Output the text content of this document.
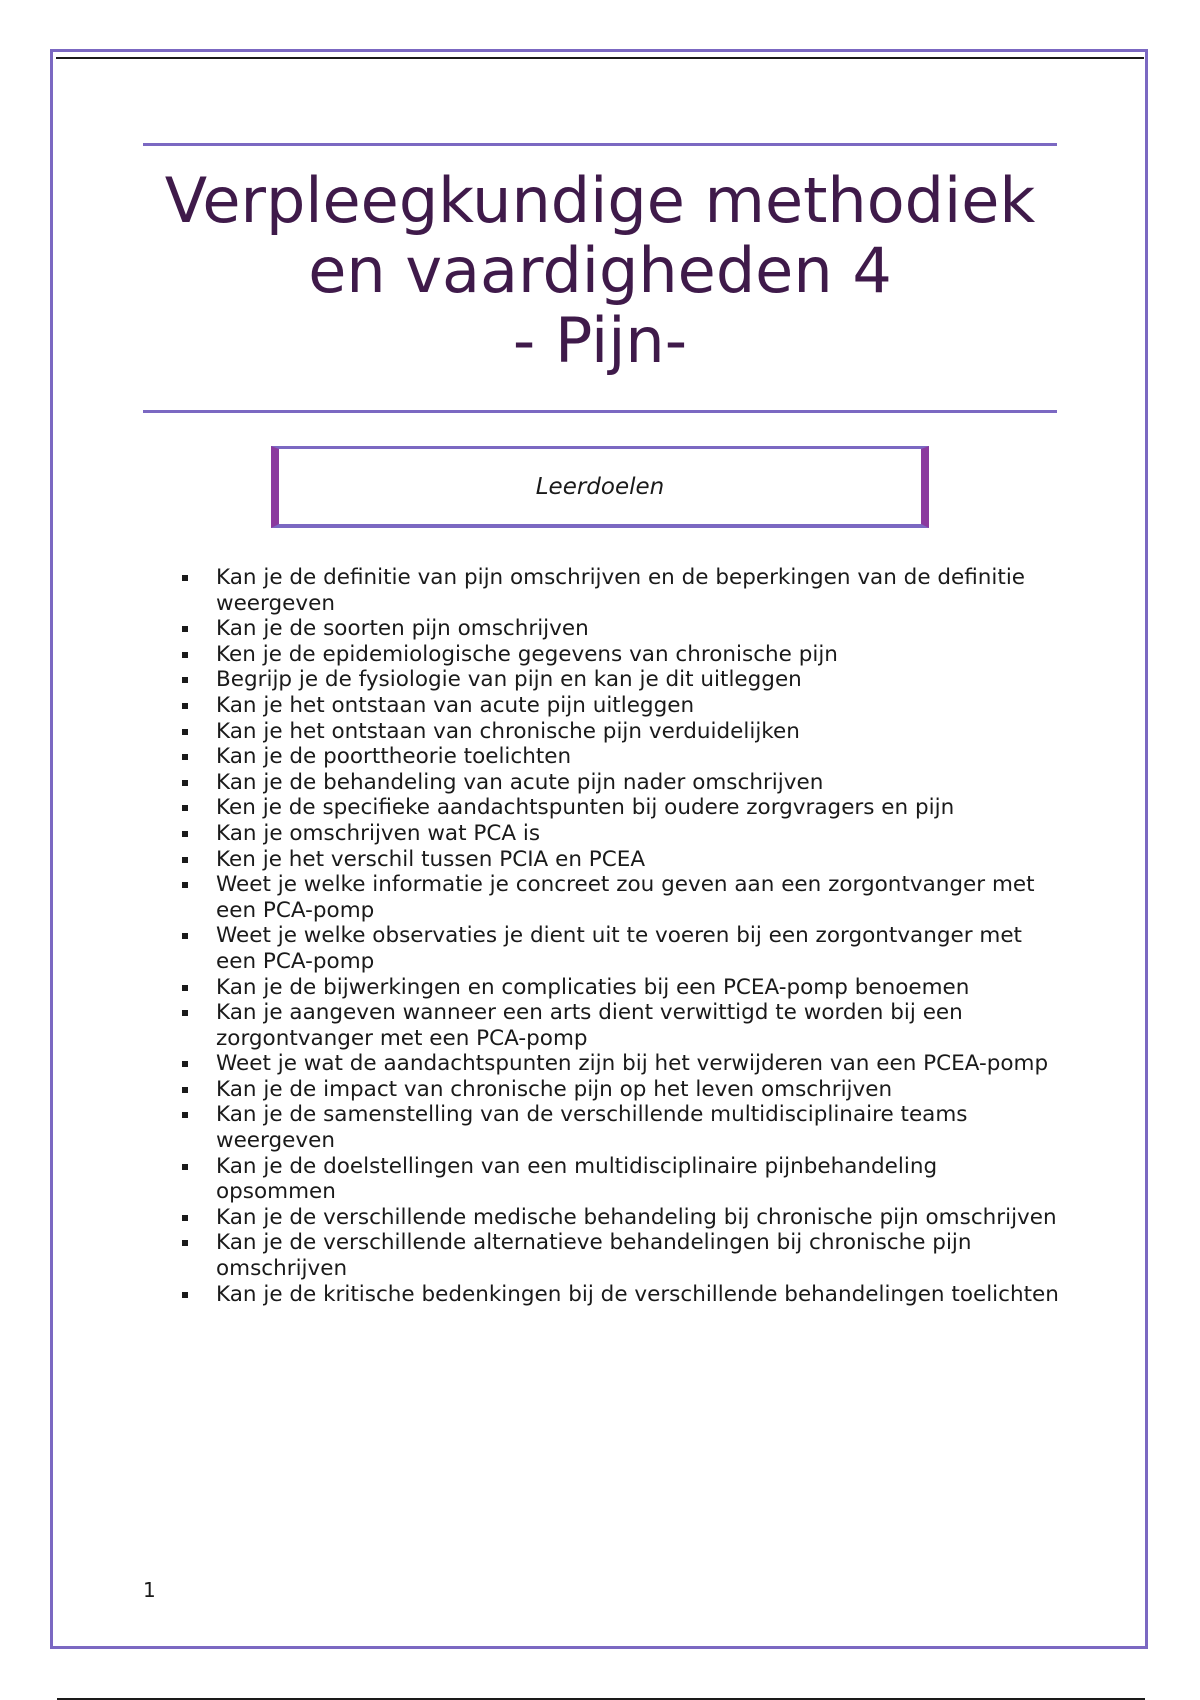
Verpleegkundige methodiek
en vaardigheden 4
- Pijn-
Leerdoelen
Kan je de definitie van pijn omschrijven en de beperkingen van de definitie weergeven
Kan je de soorten pijn omschrijven
Ken je de epidemiologische gegevens van chronische pijn
Begrijp je de fysiologie van pijn en kan je dit uitleggen
Kan je het ontstaan van acute pijn uitleggen
Kan je het ontstaan van chronische pijn verduidelijken
Kan je de poorttheorie toelichten
Kan je de behandeling van acute pijn nader omschrijven
Ken je de specifieke aandachtspunten bij oudere zorgvragers en pijn
Kan je omschrijven wat PCA is
Ken je het verschil tussen PCIA en PCEA
Weet je welke informatie je concreet zou geven aan een zorgontvanger met een PCA-pomp
Weet je welke observaties je dient uit te voeren bij een zorgontvanger met een PCA-pomp
Kan je de bijwerkingen en complicaties bij een PCEA-pomp benoemen
Kan je aangeven wanneer een arts dient verwittigd te worden bij een zorgontvanger met een PCA-pomp
Weet je wat de aandachtspunten zijn bij het verwijderen van een PCEA-pomp
Kan je de impact van chronische pijn op het leven omschrijven
Kan je de samenstelling van de verschillende multidisciplinaire teams weergeven
Kan je de doelstellingen van een multidisciplinaire pijnbehandeling opsommen
Kan je de verschillende medische behandeling bij chronische pijn omschrijven
Kan je de verschillende alternatieve behandelingen bij chronische pijn omschrijven
Kan je de kritische bedenkingen bij de verschillende behandelingen toelichten
1
